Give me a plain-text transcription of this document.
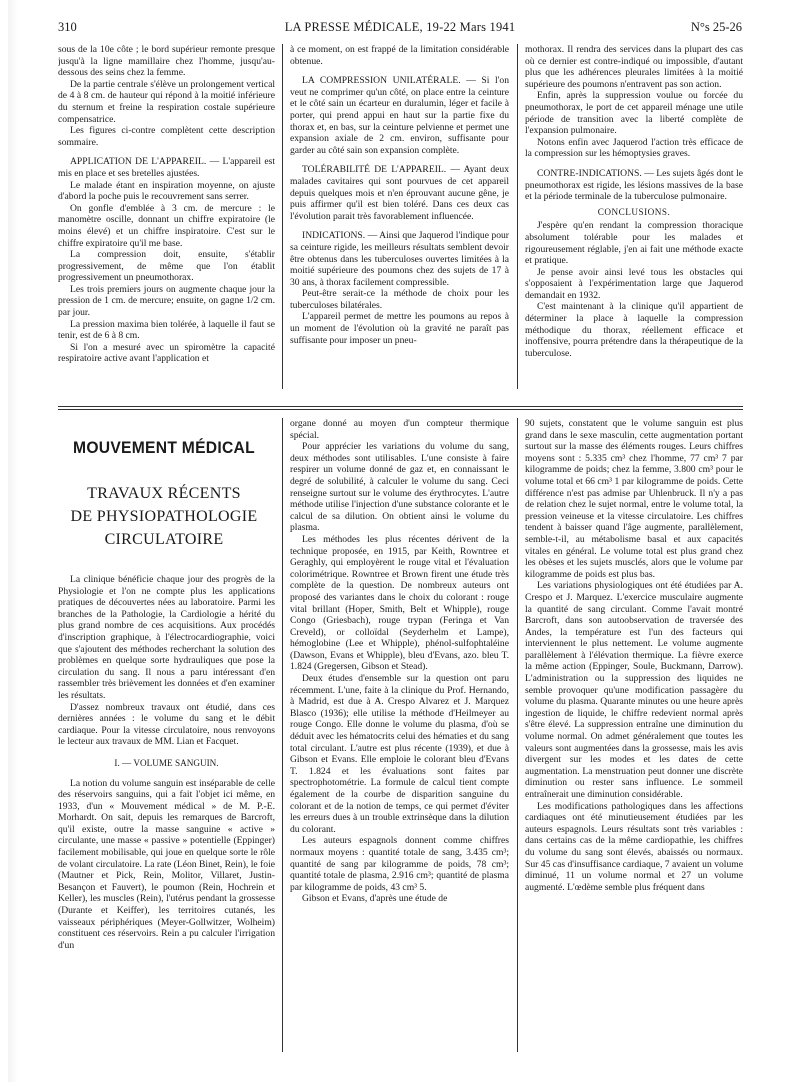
310	LA PRESSE MÉDICALE, 19-22 Mars 1941	N°s 25-26

sous de la 10e côte ; le bord supérieur remonte presque jusqu'à la ligne mamillaire chez l'homme, jusqu'au-dessous des seins chez la femme.

De la partie centrale s'élève un prolongement vertical de 4 à 8 cm. de hauteur qui répond à la moitié inférieure du sternum et freine la respiration costale supérieure compensatrice.

Les figures ci-contre complètent cette description sommaire.

APPLICATION DE L'APPAREIL. — L'appareil est mis en place et ses bretelles ajustées.

Le malade étant en inspiration moyenne, on ajuste d'abord la poche puis le recouvrement sans serrer.

On gonfle d'emblée à 3 cm. de mercure : le manomètre oscille, donnant un chiffre expiratoire (le moins élevé) et un chiffre inspiratoire. C'est sur le chiffre expiratoire qu'il me base.

La compression doit, ensuite, s'établir progressivement, de même que l'on établit progressivement un pneumothorax.

Les trois premiers jours on augmente chaque jour la pression de 1 cm. de mercure; ensuite, on gagne 1/2 cm. par jour.

La pression maxima bien tolérée, à laquelle il faut se tenir, est de 6 à 8 cm.

Si l'on a mesuré avec un spiromètre la capacité respiratoire active avant l'application et

à ce moment, on est frappé de la limitation considérable obtenue.

LA COMPRESSION UNILATÉRALE. — Si l'on veut ne comprimer qu'un côté, on place entre la ceinture et le côté sain un écarteur en duralumin, léger et facile à porter, qui prend appui en haut sur la partie fixe du thorax et, en bas, sur la ceinture pelvienne et permet une expansion axiale de 2 cm. environ, suffisante pour garder au côté sain son expansion complète.

TOLÉRABILITÉ DE L'APPAREIL. — Ayant deux malades cavitaires qui sont pourvues de cet appareil depuis quelques mois et n'en éprouvant aucune gêne, je puis affirmer qu'il est bien toléré. Dans ces deux cas l'évolution parait très favorablement influencée.

INDICATIONS. — Ainsi que Jaquerod l'indique pour sa ceinture rigide, les meilleurs résultats semblent devoir être obtenus dans les tuberculoses ouvertes limitées à la moitié supérieure des poumons chez des sujets de 17 à 30 ans, à thorax facilement compressible.

Peut-être serait-ce la méthode de choix pour les tuberculoses bilatérales.

L'appareil permet de mettre les poumons au repos à un moment de l'évolution où la gravité ne paraît pas suffisante pour imposer un pneu-

mothorax. Il rendra des services dans la plupart des cas où ce dernier est contre-indiqué ou impossible, d'autant plus que les adhérences pleurales limitées à la moitié supérieure des poumons n'entravent pas son action.

Enfin, après la suppression voulue ou forcée du pneumothorax, le port de cet appareil ménage une utile période de transition avec la liberté complète de l'expansion pulmonaire.

Notons enfin avec Jaquerod l'action très efficace de la compression sur les hémoptysies graves.

CONTRE-INDICATIONS. — Les sujets âgés dont le pneumothorax est rigide, les lésions massives de la base et la période terminale de la tuberculose pulmonaire.

CONCLUSIONS.

J'espère qu'en rendant la compression thoracique absolument tolérable pour les malades et rigoureusement réglable, j'en ai fait une méthode exacte et pratique.

Je pense avoir ainsi levé tous les obstacles qui s'opposaient à l'expérimentation large que Jaquerod demandait en 1932.

C'est maintenant à la clinique qu'il appartient de déterminer la place à laquelle la compression méthodique du thorax, réellement efficace et inoffensive, pourra prétendre dans la thérapeutique de la tuberculose.

MOUVEMENT MÉDICAL
TRAVAUX RÉCENTS
DE PHYSIOPATHOLOGIE
CIRCULATOIRE

La clinique bénéficie chaque jour des progrès de la Physiologie et l'on ne compte plus les applications pratiques de découvertes nées au laboratoire. Parmi les branches de la Pathologie, la Cardiologie a hérité du plus grand nombre de ces acquisitions. Aux procédés d'inscription graphique, à l'électrocardiographie, voici que s'ajoutent des méthodes recherchant la solution des problèmes en quelque sorte hydrauliques que pose la circulation du sang. Il nous a paru intéressant d'en rassembler très brièvement les données et d'en examiner les résultats.

D'assez nombreux travaux ont étudié, dans ces dernières années : le volume du sang et le débit cardiaque. Pour la vitesse circulatoire, nous renvoyons le lecteur aux travaux de MM. Lian et Facquet.

I. — VOLUME SANGUIN.

La notion du volume sanguin est inséparable de celle des réservoirs sanguins, qui a fait l'objet ici même, en 1933, d'un « Mouvement médical » de M. P.-E. Morhardt. On sait, depuis les remarques de Barcroft, qu'il existe, outre la masse sanguine « active » circulante, une masse « passive » potentielle (Eppinger) facilement mobilisable, qui joue en quelque sorte le rôle de volant circulatoire. La rate (Léon Binet, Rein), le foie (Mautner et Pick, Rein, Molitor, Villaret, Justin-Besançon et Fauvert), le poumon (Rein, Hochrein et Keller), les muscles (Rein), l'utérus pendant la grossesse (Durante et Keiffer), les territoires cutanés, les vaisseaux périphériques (Meyer-Gollwitzer, Wolheim) constituent ces réservoirs. Rein a pu calculer l'irrigation d'un

organe donné au moyen d'un compteur thermique spécial.

Pour apprécier les variations du volume du sang, deux méthodes sont utilisables. L'une consiste à faire respirer un volume donné de gaz et, en connaissant le degré de solubilité, à calculer le volume du sang. Ceci renseigne surtout sur le volume des érythrocytes. L'autre méthode utilise l'injection d'une substance colorante et le calcul de sa dilution. On obtient ainsi le volume du plasma.

Les méthodes les plus récentes dérivent de la technique proposée, en 1915, par Keith, Rowntree et Geraghly, qui employèrent le rouge vital et l'évaluation colorimétrique. Rowntree et Brown firent une étude très complète de la question. De nombreux auteurs ont proposé des variantes dans le choix du colorant : rouge vital brillant (Hoper, Smith, Belt et Whipple), rouge Congo (Griesbach), rouge trypan (Feringa et Van Creveld), or colloïdal (Seyderhelm et Lampe), hémoglobine (Lee et Whipple), phénol-sulfophtaléine (Dawson, Evans et Whipple), bleu d'Evans, azo. bleu T. 1.824 (Gregersen, Gibson et Stead).

Deux études d'ensemble sur la question ont paru récemment. L'une, faite à la clinique du Prof. Hernando, à Madrid, est due à A. Crespo Alvarez et J. Marquez Blasco (1936); elle utilise la méthode d'Heilmeyer au rouge Congo. Elle donne le volume du plasma, d'où se déduit avec les hématocrits celui des hématies et du sang total circulant. L'autre est plus récente (1939), et due à Gibson et Evans. Elle emploie le colorant bleu d'Evans T. 1.824 et les évaluations sont faites par spectrophotométrie. La formule de calcul tient compte également de la courbe de disparition sanguine du colorant et de la notion de temps, ce qui permet d'éviter les erreurs dues à un trouble extrinsèque dans la dilution du colorant.

Les auteurs espagnols donnent comme chiffres normaux moyens : quantité totale de sang, 3.435 cm³; quantité de sang par kilogramme de poids, 78 cm³; quantité totale de plasma, 2.916 cm³; quantité de plasma par kilogramme de poids, 43 cm³ 5.

Gibson et Evans, d'après une étude de

90 sujets, constatent que le volume sanguin est plus grand dans le sexe masculin, cette augmentation portant surtout sur la masse des éléments rouges. Leurs chiffres moyens sont : 5.335 cm³ chez l'homme, 77 cm³ 7 par kilogramme de poids; chez la femme, 3.800 cm³ pour le volume total et 66 cm³ 1 par kilogramme de poids. Cette différence n'est pas admise par Uhlenbruck. Il n'y a pas de relation chez le sujet normal, entre le volume total, la pression veineuse et la vitesse circulatoire. Les chiffres tendent à baisser quand l'âge augmente, parallèlement, semble-t-il, au métabolisme basal et aux capacités vitales en général. Le volume total est plus grand chez les obèses et les sujets musclés, alors que le volume par kilogramme de poids est plus bas.

Les variations physiologiques ont été étudiées par A. Crespo et J. Marquez. L'exercice musculaire augmente la quantité de sang circulant. Comme l'avait montré Barcroft, dans son autoobservation de traversée des Andes, la température est l'un des facteurs qui interviennent le plus nettement. Le volume augmente parallèlement à l'élévation thermique. La fièvre exerce la même action (Eppinger, Soule, Buckmann, Darrow). L'administration ou la suppression des liquides ne semble provoquer qu'une modification passagère du volume du plasma. Quarante minutes ou une heure après ingestion de liquide, le chiffre redevient normal après s'être élevé. La suppression entraîne une diminution du volume normal. On admet généralement que toutes les valeurs sont augmentées dans la grossesse, mais les avis divergent sur les modes et les dates de cette augmentation. La menstruation peut donner une discrète diminution ou rester sans influence. Le sommeil entraînerait une diminution considérable.

Les modifications pathologiques dans les affections cardiaques ont été minutieusement étudiées par les auteurs espagnols. Leurs résultats sont très variables : dans certains cas de la même cardiopathie, les chiffres du volume du sang sont élevés, abaissés ou normaux. Sur 45 cas d'insuffisance cardiaque, 7 avaient un volume diminué, 11 un volume normal et 27 un volume augmenté. L'œdème semble plus fréquent dans
